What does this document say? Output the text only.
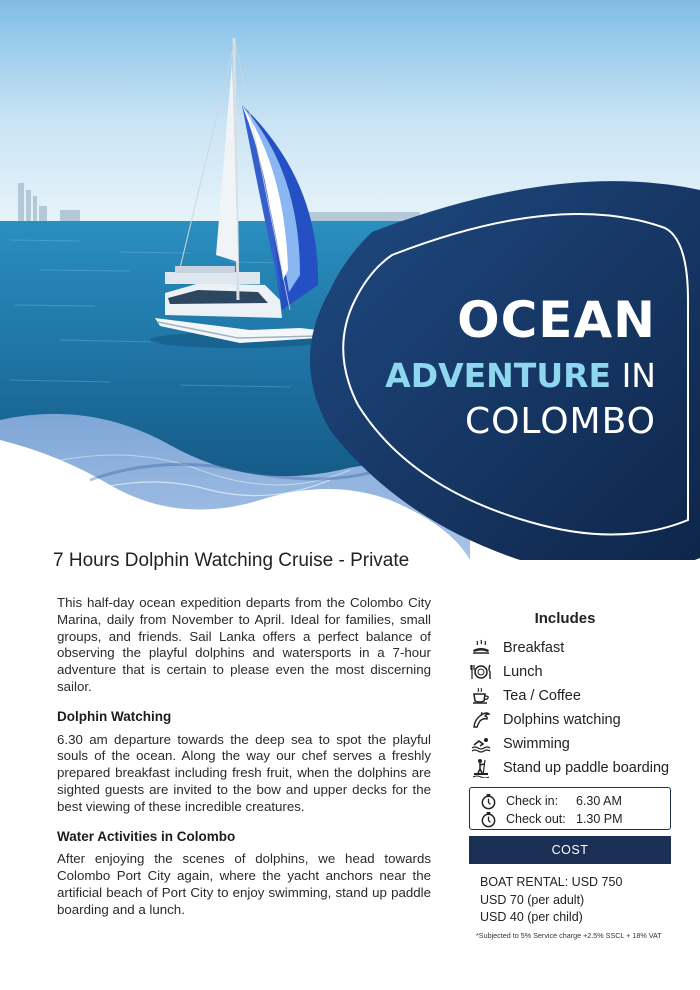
OCEAN
ADVENTURE IN
COLOMBO
7 Hours Dolphin Watching Cruise - Private

This half-day ocean expedition departs from the Colombo City Marina, daily from November to April. Ideal for families, small groups, and friends. Sail Lanka offers a perfect balance of observing the playful dolphins and watersports in a 7-hour adventure that is certain to please even the most discerning sailor.

Dolphin Watching

6.30 am departure towards the deep sea to spot the playful souls of the ocean. Along the way our chef serves a freshly prepared breakfast including fresh fruit, when the dolphins are sighted guests are invited to the bow and upper decks for the best viewing of these incredible creatures.

Water Activities in Colombo

After enjoying the scenes of dolphins, we head towards Colombo Port City again, where the yacht anchors near the artificial beach of Port City to enjoy swimming, stand up paddle boarding and a lunch.

Includes
Breakfast
Lunch
Tea / Coffee
Dolphins watching
Swimming
Stand up paddle boarding
Check in:	6.30 AM
Check out: 1.30 PM
COST
BOAT RENTAL: USD 750
USD 70 (per adult)
USD 40 (per child)
*Subjected to 5% Service charge +2.5% SSCL + 18% VAT
